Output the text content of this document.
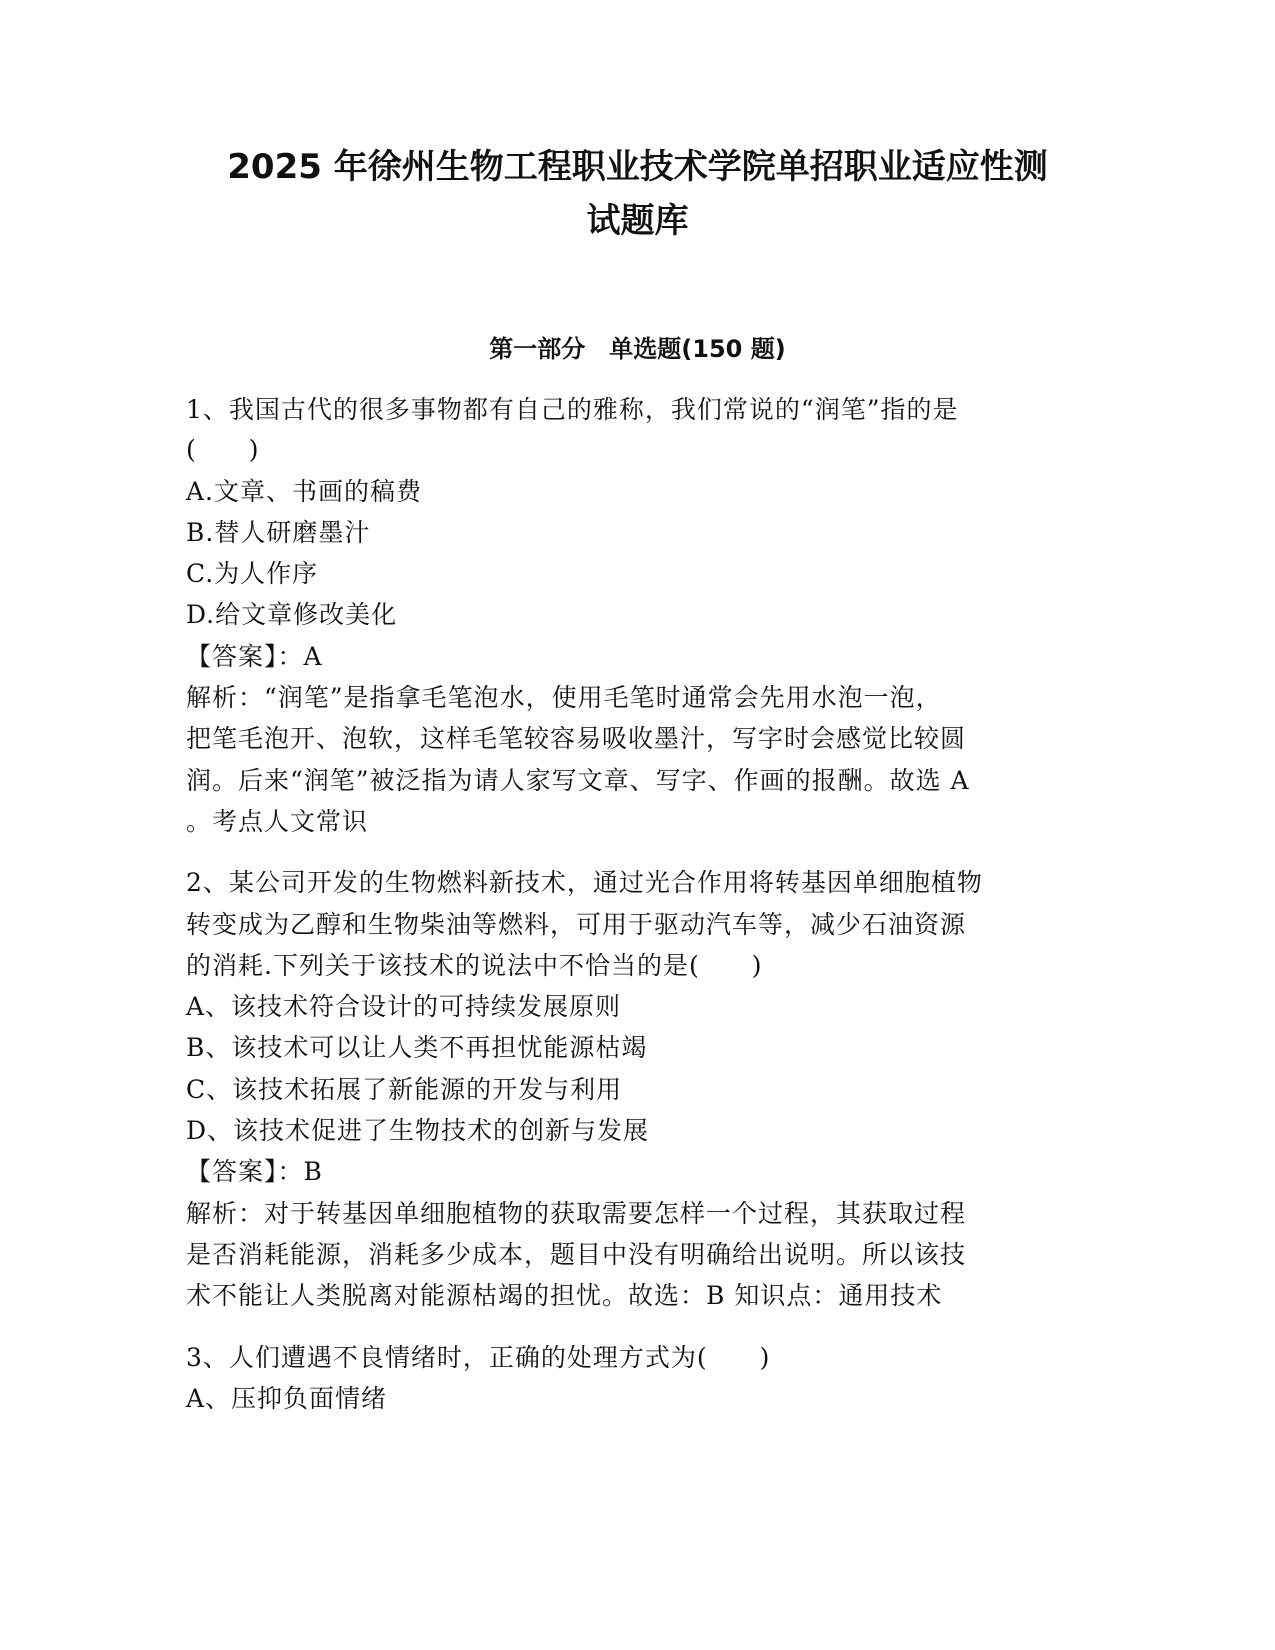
2025 年徐州生物工程职业技术学院单招职业适应性测
试题库
第一部分　单选题(150 题)
1、我国古代的很多事物都有自己的雅称，我们常说的“润笔”指的是
(　　)
A.文章、书画的稿费
B.替人研磨墨汁
C.为人作序
D.给文章修改美化
【答案】：A
解析：“润笔”是指拿毛笔泡水，使用毛笔时通常会先用水泡一泡，
把笔毛泡开、泡软，这样毛笔较容易吸收墨汁，写字时会感觉比较圆
润。后来“润笔”被泛指为请人家写文章、写字、作画的报酬。故选 A
。考点人文常识
2、某公司开发的生物燃料新技术，通过光合作用将转基因单细胞植物
转变成为乙醇和生物柴油等燃料，可用于驱动汽车等，减少石油资源
的消耗.下列关于该技术的说法中不恰当的是(　　)
A、该技术符合设计的可持续发展原则
B、该技术可以让人类不再担忧能源枯竭
C、该技术拓展了新能源的开发与利用
D、该技术促进了生物技术的创新与发展
【答案】：B
解析：对于转基因单细胞植物的获取需要怎样一个过程，其获取过程
是否消耗能源，消耗多少成本，题目中没有明确给出说明。所以该技
术不能让人类脱离对能源枯竭的担忧。故选：B 知识点：通用技术
3、人们遭遇不良情绪时，正确的处理方式为(　　)
A、压抑负面情绪
